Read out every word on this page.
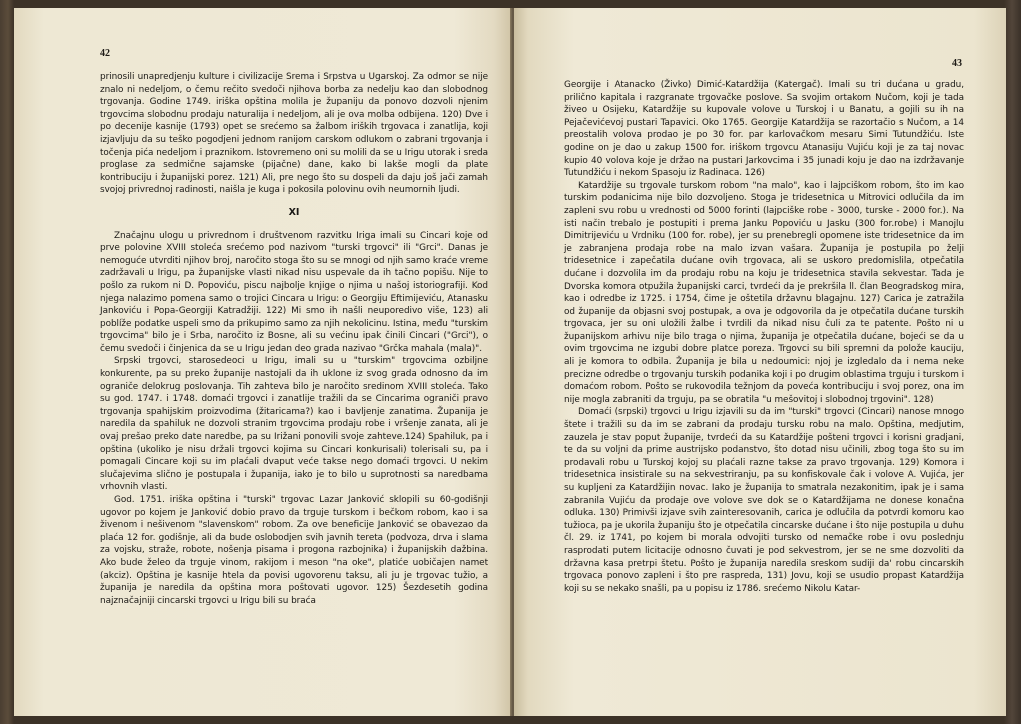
42

prinosili unapredjenju kulture i civilizacije Srema i Srpstva u Ugarskoj. Za odmor se nije znalo ni nedeljom, o čemu rečito svedoči njihova borba za nedelju kao dan slobodnog trgovanja. Godine 1749. iriška opština molila je županiju da ponovo dozvoli njenim trgovcima slobodnu prodaju naturalija i nedeljom, ali je ova molba odbijena. 120) Dve i po decenije kasnije (1793) opet se srećemo sa žalbom iriških trgovaca i zanatlija, koji izjavljuju da su teško pogodjeni jednom ranijom carskom odlukom o zabrani trgovanja i točenja pića nedeljom i praznikom. Istovremeno oni su molili da se u Irigu utorak i sreda proglase za sedmične sajamske (pijačne) dane, kako bi lakše mogli da plate kontribuciju i županijski porez. 121) Ali, pre nego što su dospeli da daju još jači zamah svojoj privrednoj radinosti, naišla je kuga i pokosila polovinu ovih neumornih ljudi.

XI

Značajnu ulogu u privrednom i društvenom razvitku Iriga imali su Cincari koje od prve polovine XVIII stoleća srećemo pod nazivom "turski trgovci" ili "Grci". Danas je nemoguće utvrditi njihov broj, naročito stoga što su se mnogi od njih samo kraće vreme zadržavali u Irigu, pa županijske vlasti nikad nisu uspevale da ih tačno popišu. Nije to pošlo za rukom ni D. Popoviću, piscu najbolje knjige o njima u našoj istoriografiji. Kod njega nalazimo pomena samo o trojici Cincara u Irigu: o Georgiju Eftimijeviću, Atanasku Jankoviću i Popa-Georgiji Katradžiji. 122) Mi smo ih našli neuporedivo više, 123) ali poblíže podatke uspeli smo da prikupimo samo za njih nekolicinu. Istina, među "turskim trgovcima" bilo je i Srba, naročito iz Bosne, ali su većinu ipak činili Cincari ("Grci"), o čemu svedoči i činjenica da se u Irigu jedan deo grada nazivao "Grčka mahala (mala)".

Srpski trgovci, starosedeoci u Irigu, imali su u "turskim" trgovcima ozbiljne konkurente, pa su preko županije nastojali da ih uklone iz svog grada odnosno da im ograniče delokrug poslovanja. Tih zahteva bilo je naročito sredinom XVIII stoleća. Tako su god. 1747. i 1748. domaći trgovci i zanatlije tražili da se Cincarima ograniči pravo trgovanja spahijskim proizvodima (žitaricama?) kao i bavljenje zanatima. Županija je naredila da spahiluk ne dozvoli stranim trgovcima prodaju robe i vršenje zanata, ali je ovaj prešao preko date naredbe, pa su Irižani ponovili svoje zahteve.124) Spahiluk, pa i opština (ukoliko je nisu držali trgovci kojima su Cincari konkurisali) tolerisali su, pa i pomagali Cincare koji su im plaćali dvaput veće takse nego domaći trgovci. U nekim slučajevima slično je postupala i županija, iako je to bilo u suprotnosti sa naredbama vrhovnih vlasti.

God. 1751. iriška opština i "turski" trgovac Lazar Janković sklopili su 60-godišnji ugovor po kojem je Janković dobio pravo da trguje turskom i bečkom robom, kao i sa živenom i nešivenom "slavenskom" robom. Za ove beneficije Janković se obavezao da plaća 12 for. godišnje, ali da bude oslobodjen svih javnih tereta (podvoza, drva i slama za vojsku, straže, robote, nošenja pisama i progona razbojnika) i županijskih dažbina. Ako bude želeo da trguje vinom, rakijom i meson "na oke", platiće uobičajen namet (akciz). Opština je kasnije htela da povisi ugovorenu taksu, ali ju je trgovac tužio, a županija je naredila da opština mora poštovati ugovor. 125) Šezdesetih godina najznačajniji cincarski trgovci u Irigu bili su braća

43

Georgije i Atanacko (Živko) Dimić-Katardžija (Katergač). Imali su tri dućana u gradu, prilično kapitala i razgranate trgovačke poslove. Sa svojim ortakom Nučom, koji je tada živeo u Osijeku, Katardžije su kupovale volove u Turskoj i u Banatu, a gojili su ih na Pejačevićevoj pustari Tapavici. Oko 1765. Georgije Katardžija se razortačio s Nučom, a 14 preostalih volova prodao je po 30 for. par karlovačkom mesaru Simi Tutundžiću. Iste godine on je dao u zakup 1500 for. iriškom trgovcu Atanasiju Vujiću koji je za taj novac kupio 40 volova koje je držao na pustari Jarkovcima i 35 junadi koju je dao na izdržavanje Tutundžiću i nekom Spasoju iz Radinaca. 126)

Katardžije su trgovale turskom robom "na malo", kao i lajpciškom robom, što im kao turskim podanicima nije bilo dozvoljeno. Stoga je tridesetnica u Mitrovici odlučila da im zapleni svu robu u vrednosti od 5000 forinti (lajpciške robe - 3000, turske - 2000 for.). Na isti način trebalo je postupiti i prema Janku Popoviću u Jasku (300 for.robe) i Manojlu Dimitrijeviću u Vrdniku (100 for. robe), jer su prenebregli opomene iste tridesetnice da im je zabranjena prodaja robe na malo izvan vašara. Županija je postupila po želji tridesetnice i zapečatila dućane ovih trgovaca, ali se uskoro predomislila, otpečatila dućane i dozvolila im da prodaju robu na koju je tridesetnica stavila sekvestar. Tada je Dvorska komora otpužila županijski carci, tvrdeći da je prekršila ll. član Beogradskog mira, kao i odredbe iz 1725. i 1754, čime je oštetila državnu blagajnu. 127) Carica je zatražila od županije da objasni svoj postupak, a ova je odgovorila da je otpečatila dućane turskih trgovaca, jer su oni uložili žalbe i tvrdili da nikad nisu čuli za te patente. Pošto ni u županijskom arhivu nije bilo traga o njima, županija je otpečatila dućane, bojeći se da u ovim trgovcima ne izgubi dobre platce poreza. Trgovci su bili spremni da polože kauciju, ali je komora to odbila. Županija je bila u nedoumici: njoj je izgledalo da i nema neke preciznе odredbe o trgovanju turskih podanika koji i po drugim oblastima trguju i turskom i domaćom robom. Pošto se rukovodila težnjom da poveća kontribuciju i svoj porez, ona im nije mogla zabraniti da trguju, pa se obratila "u mešovitoj i slobodnoj trgovini". 128)

Domaći (srpski) trgovci u Irigu izjavili su da im "turski" trgovci (Cincari) nanose mnogo štete i tražili su da im se zabrani da prodaju tursku robu na malo. Opština, medjutim, zauzela je stav poput županije, tvrdeći da su Katardžije pošteni trgovci i korisni gradjani, te da su voljni da prime austrijsko podanstvo, što dotad nisu učinili, zbog toga što su im prodavali robu u Turskoj kojoj su plaćali razne takse za pravo trgovanja. 129) Komora i tridesetnica insistirale su na sekvestriranju, pa su konfiskovale čak i volove A. Vujića, jer su kupljeni za Katardžijin novac. Iako je županija to smatrala nezakonitim, ipak je i sama zabranila Vujiću da prodaje ove volove sve dok se o Katardžijama ne donese konačna odluka. 130) Primivši izjave svih zainteresovanih, carica je odlučila da potvrdi komoru kao tužioca, pa je ukorila županiju što je otpečatila cincarske dućane i što nije postupila u duhu čl. 29. iz 1741, po kojem bi morala odvojiti tursko od nemačke robe i ovu poslednju rasprodati putem licitacije odnosno čuvati je pod sekvestrom, jer se ne sme dozvoliti da državna kasa pretrpi štetu. Pošto je županija naredila sreskom sudiji da' robu cincarskih trgovaca ponovo zapleni i što pre raspreda, 131) Jovu, koji se usudio propast Katardžija koji su se nekako snašli, pa u popisu iz 1786. srećemo Nikolu Katar-
